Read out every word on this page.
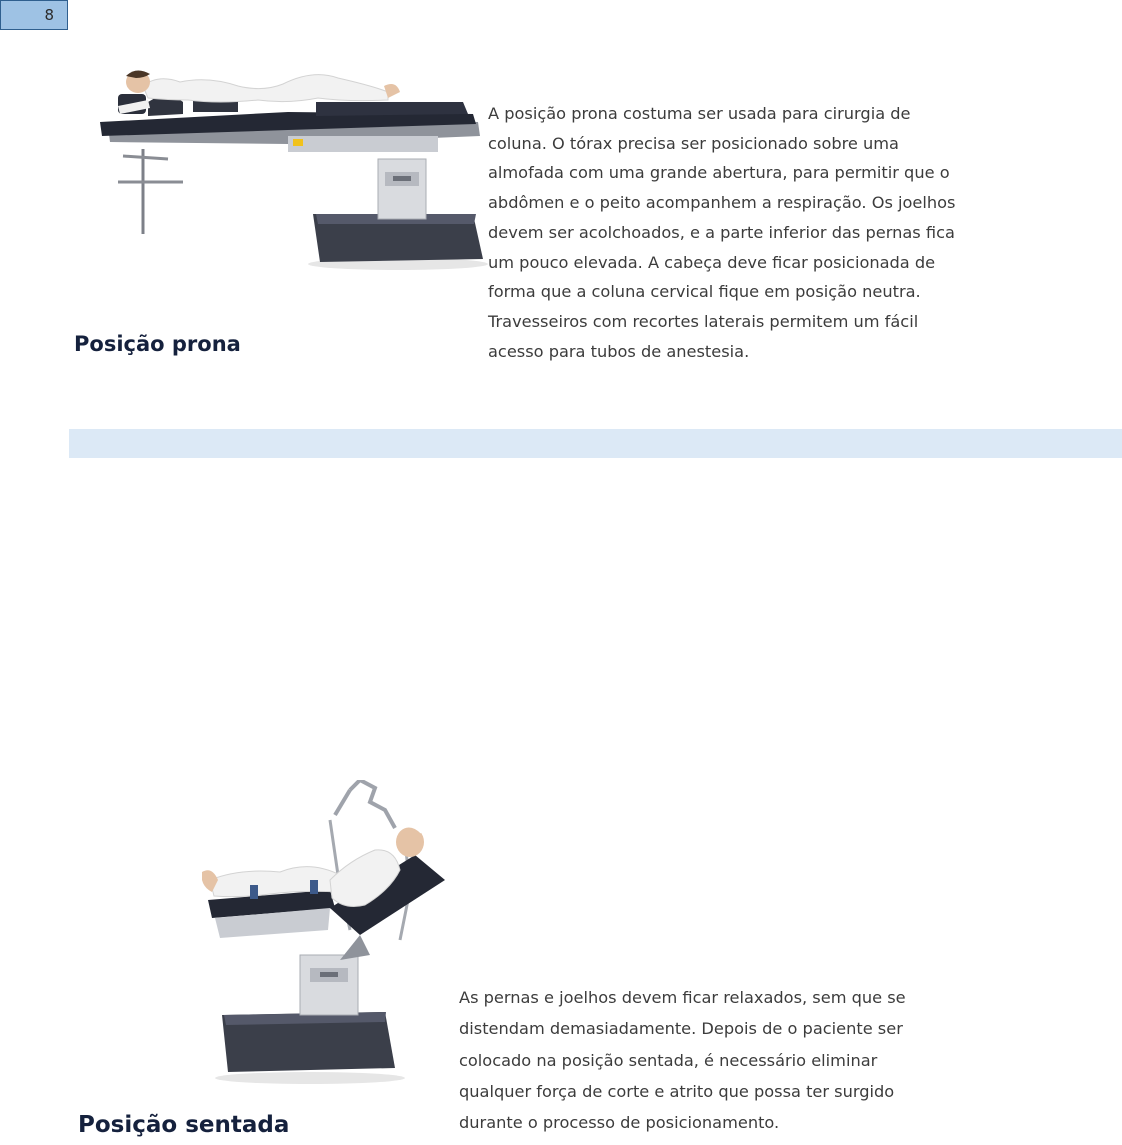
8
Posição prona
A posição prona costuma ser usada para cirurgia de
coluna. O tórax precisa ser posicionado sobre uma
almofada com uma grande abertura, para permitir que o
abdômen e o peito acompanhem a respiração. Os joelhos
devem ser acolchoados, e a parte inferior das pernas fica
um pouco elevada. A cabeça deve ficar posicionada de
forma que a coluna cervical fique em posição neutra.
Travesseiros com recortes laterais permitem um fácil
acesso para tubos de anestesia.
Posição sentada
As pernas e joelhos devem ficar relaxados, sem que se
distendam demasiadamente. Depois de o paciente ser
colocado na posição sentada, é necessário eliminar
qualquer força de corte e atrito que possa ter surgido
durante o processo de posicionamento.
